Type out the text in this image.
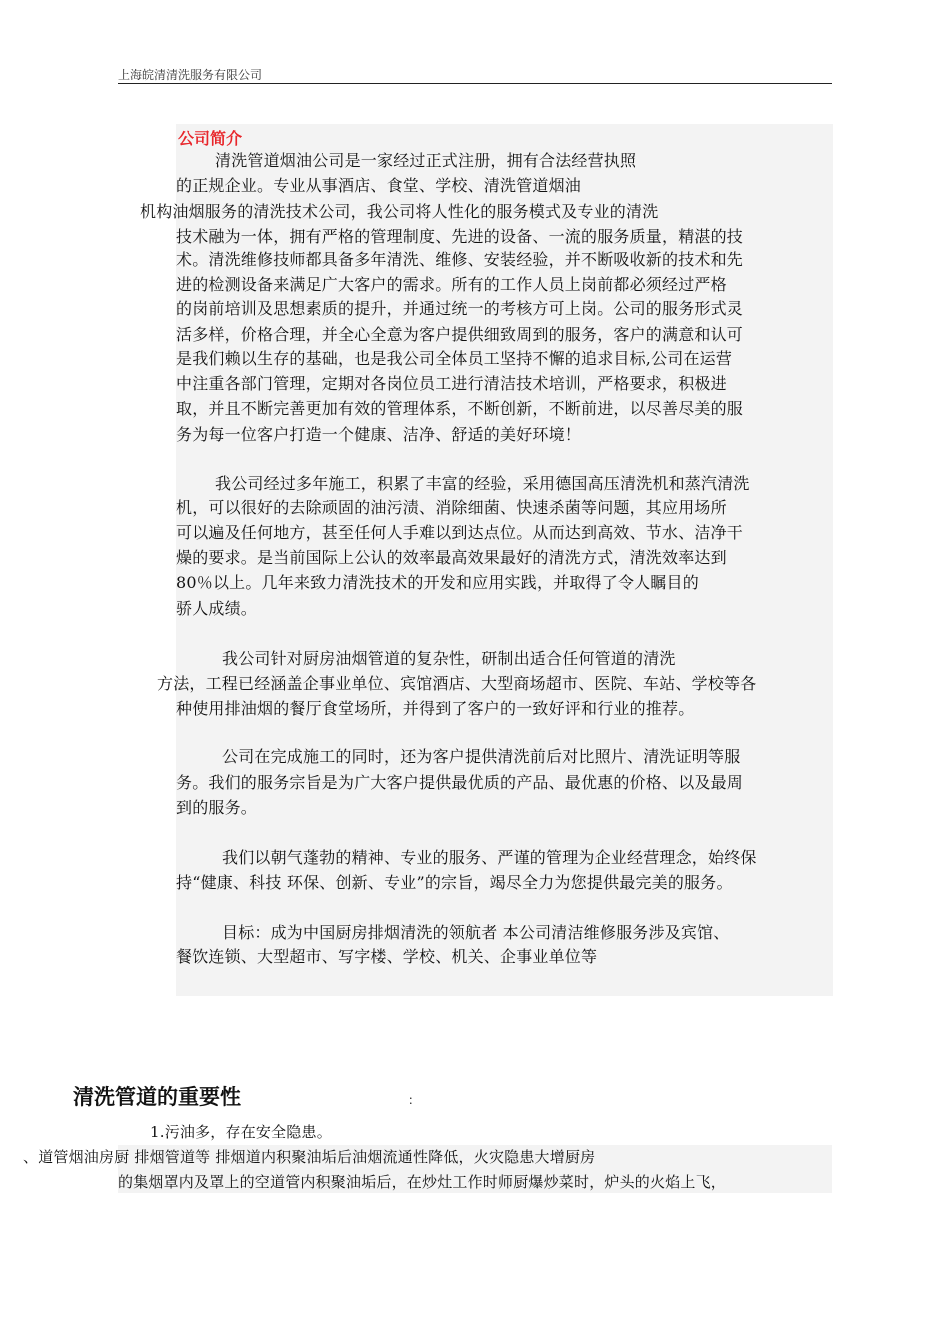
上海皖清清洗服务有限公司
公司简介
清洗管道烟油公司是一家经过正式注册，拥有合法经营执照
的正规企业。专业从事酒店、食堂、学校、清洗管道烟油
机构油烟服务的清洗技术公司，我公司将人性化的服务模式及专业的清洗
技术融为一体，拥有严格的管理制度、先进的设备、一流的服务质量，精湛的技
术。清洗维修技师都具备多年清洗、维修、安装经验，并不断吸收新的技术和先
进的检测设备来满足广大客户的需求。所有的工作人员上岗前都必须经过严格
的岗前培训及思想素质的提升，并通过统一的考核方可上岗。公司的服务形式灵
活多样，价格合理，并全心全意为客户提供细致周到的服务，客户的满意和认可
是我们赖以生存的基础，也是我公司全体员工坚持不懈的追求目标,公司在运营
中注重各部门管理，定期对各岗位员工进行清洁技术培训，严格要求，积极进
取，并且不断完善更加有效的管理体系，不断创新，不断前进，以尽善尽美的服
务为每一位客户打造一个健康、洁净、舒适的美好环境！
我公司经过多年施工，积累了丰富的经验，采用德国高压清洗机和蒸汽清洗
机，可以很好的去除顽固的油污渍、消除细菌、快速杀菌等问题，其应用场所
可以遍及任何地方，甚至任何人手难以到达点位。从而达到高效、节水、洁净干
燥的要求。是当前国际上公认的效率最高效果最好的清洗方式，清洗效率达到
80％以上。几年来致力清洗技术的开发和应用实践，并取得了令人瞩目的
骄人成绩。
我公司针对厨房油烟管道的复杂性，研制出适合任何管道的清洗
方法，工程已经涵盖企事业单位、宾馆酒店、大型商场超市、医院、车站、学校等各
种使用排油烟的餐厅食堂场所，并得到了客户的一致好评和行业的推荐。
公司在完成施工的同时，还为客户提供清洗前后对比照片、清洗证明等服
务。我们的服务宗旨是为广大客户提供最优质的产品、最优惠的价格、以及最周
到的服务。
我们以朝气蓬勃的精神、专业的服务、严谨的管理为企业经营理念，始终保
持“健康、科技 环保、创新、专业”的宗旨，竭尽全力为您提供最完美的服务。
目标：成为中国厨房排烟清洗的领航者 本公司清洁维修服务涉及宾馆、
餐饮连锁、大型超市、写字楼、学校、机关、企事业单位等
清洗管道的重要性	：
1.污油多，存在安全隐患。
、道管烟油房厨 排烟管道等 排烟道内积聚油垢后油烟流通性降低，火灾隐患大增厨房
的集烟罩内及罩上的空道管内积聚油垢后，在炒灶工作时师厨爆炒菜时，炉头的火焰上飞，
